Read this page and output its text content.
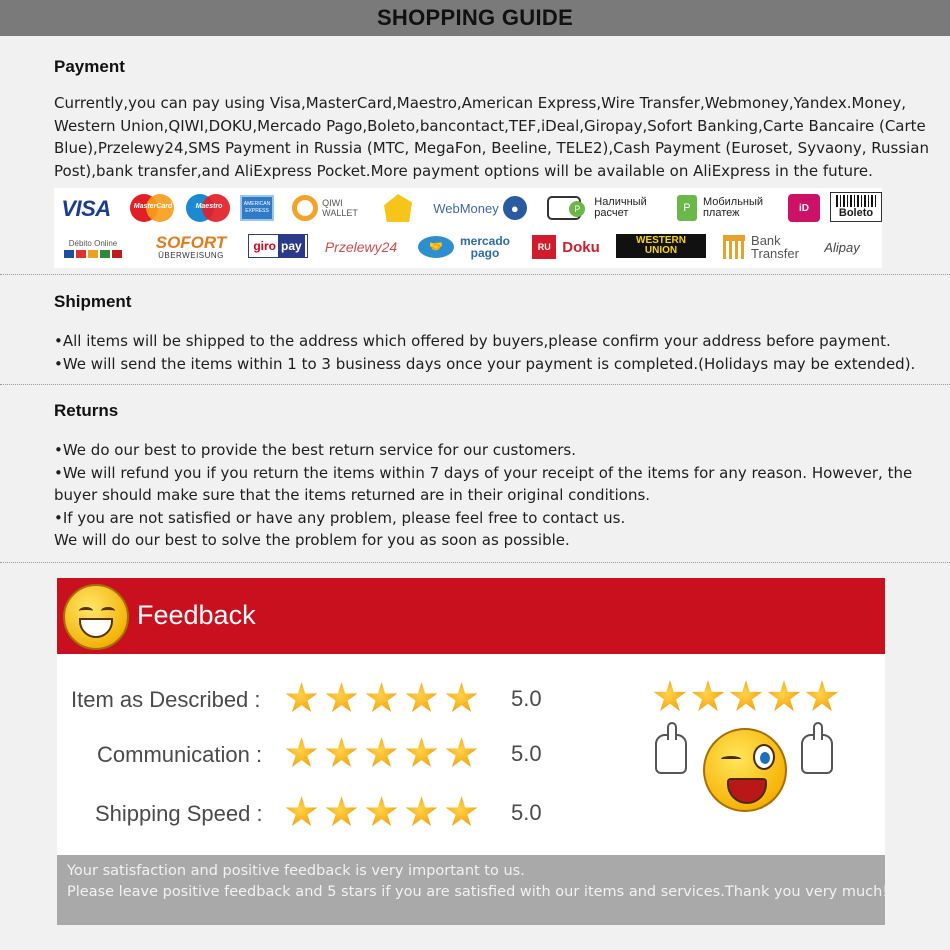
SHOPPING GUIDE
Payment

Currently,you can pay using Visa,MasterCard,Maestro,American Express,Wire Transfer,Webmoney,Yandex.Money,

Western Union,QIWI,DOKU,Mercado Pago,Boleto,bancontact,TEF,iDeal,Giropay,Sofort Banking,Carte Bancaire (Carte

Blue),Przelewy24,SMS Payment in Russia (MTC, MegaFon, Beeline, TELE2),Cash Payment (Euroset, Syvaony, Russian

Post),bank transfer,and AliExpress Pocket.More payment options will be available on AliExpress in the future.

VISA	MasterCard	Maestro	AMERICAN
EXPRESS
QIWI
WALLET	WebMoney ●	P
Наличный
расчет	P	Мобильный
платеж	iD	Boleto
Débito Online SOFORT
ÜBERWEISUNG
giro pay	Przelewy24	🤝	mercado
pago	RU Doku	WESTERN
UNION
Bank
Transfer	Alipay
Shipment

•All items will be shipped to the address which offered by buyers,please confirm your address before payment.

•We will send the items within 1 to 3 business days once your payment is completed.(Holidays may be extended).

Returns

•We do our best to provide the best return service for our customers.

•We will refund you if you return the items within 7 days of your receipt of the items for any reason. However, the

buyer should make sure that the items returned are in their original conditions.

•If you are not satisfied or have any problem, please feel free to contact us.

We will do our best to solve the problem for you as soon as possible.

Feedback
Item as Described :	5.0
Communication :	5.0
Shipping Speed :	5.0

Your satisfaction and positive feedback is very important to us.

Please leave positive feedback and 5 stars if you are satisfied with our items and services.Thank you very much!
